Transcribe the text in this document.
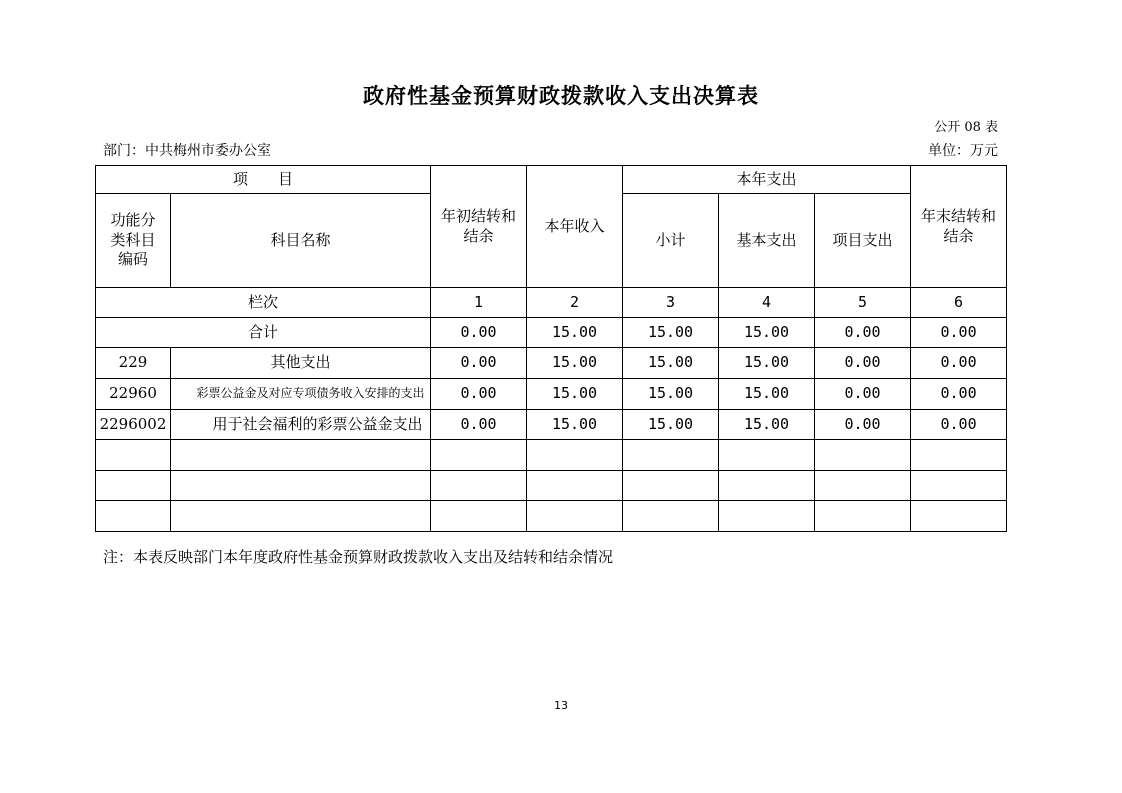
政府性基金预算财政拨款收入支出决算表
公开 08 表
部门：中共梅州市委办公室	单位：万元
项　　目		年初结转和结余	本年收入	本年支出			年末结转和结余
功能分类科目编码	科目名称			小计	基本支出	项目支出	
栏次		1	2	3	4	5	6
合计		0.00	15.00	15.00	15.00	0.00	0.00
229	其他支出	0.00	15.00	15.00	15.00	0.00	0.00
22960	彩票公益金及对应专项债务收入安排的支出	0.00	15.00	15.00	15.00	0.00	0.00
2296002	用于社会福利的彩票公益金支出	0.00	15.00	15.00	15.00	0.00	0.00

注：本表反映部门本年度政府性基金预算财政拨款收入支出及结转和结余情况
13
